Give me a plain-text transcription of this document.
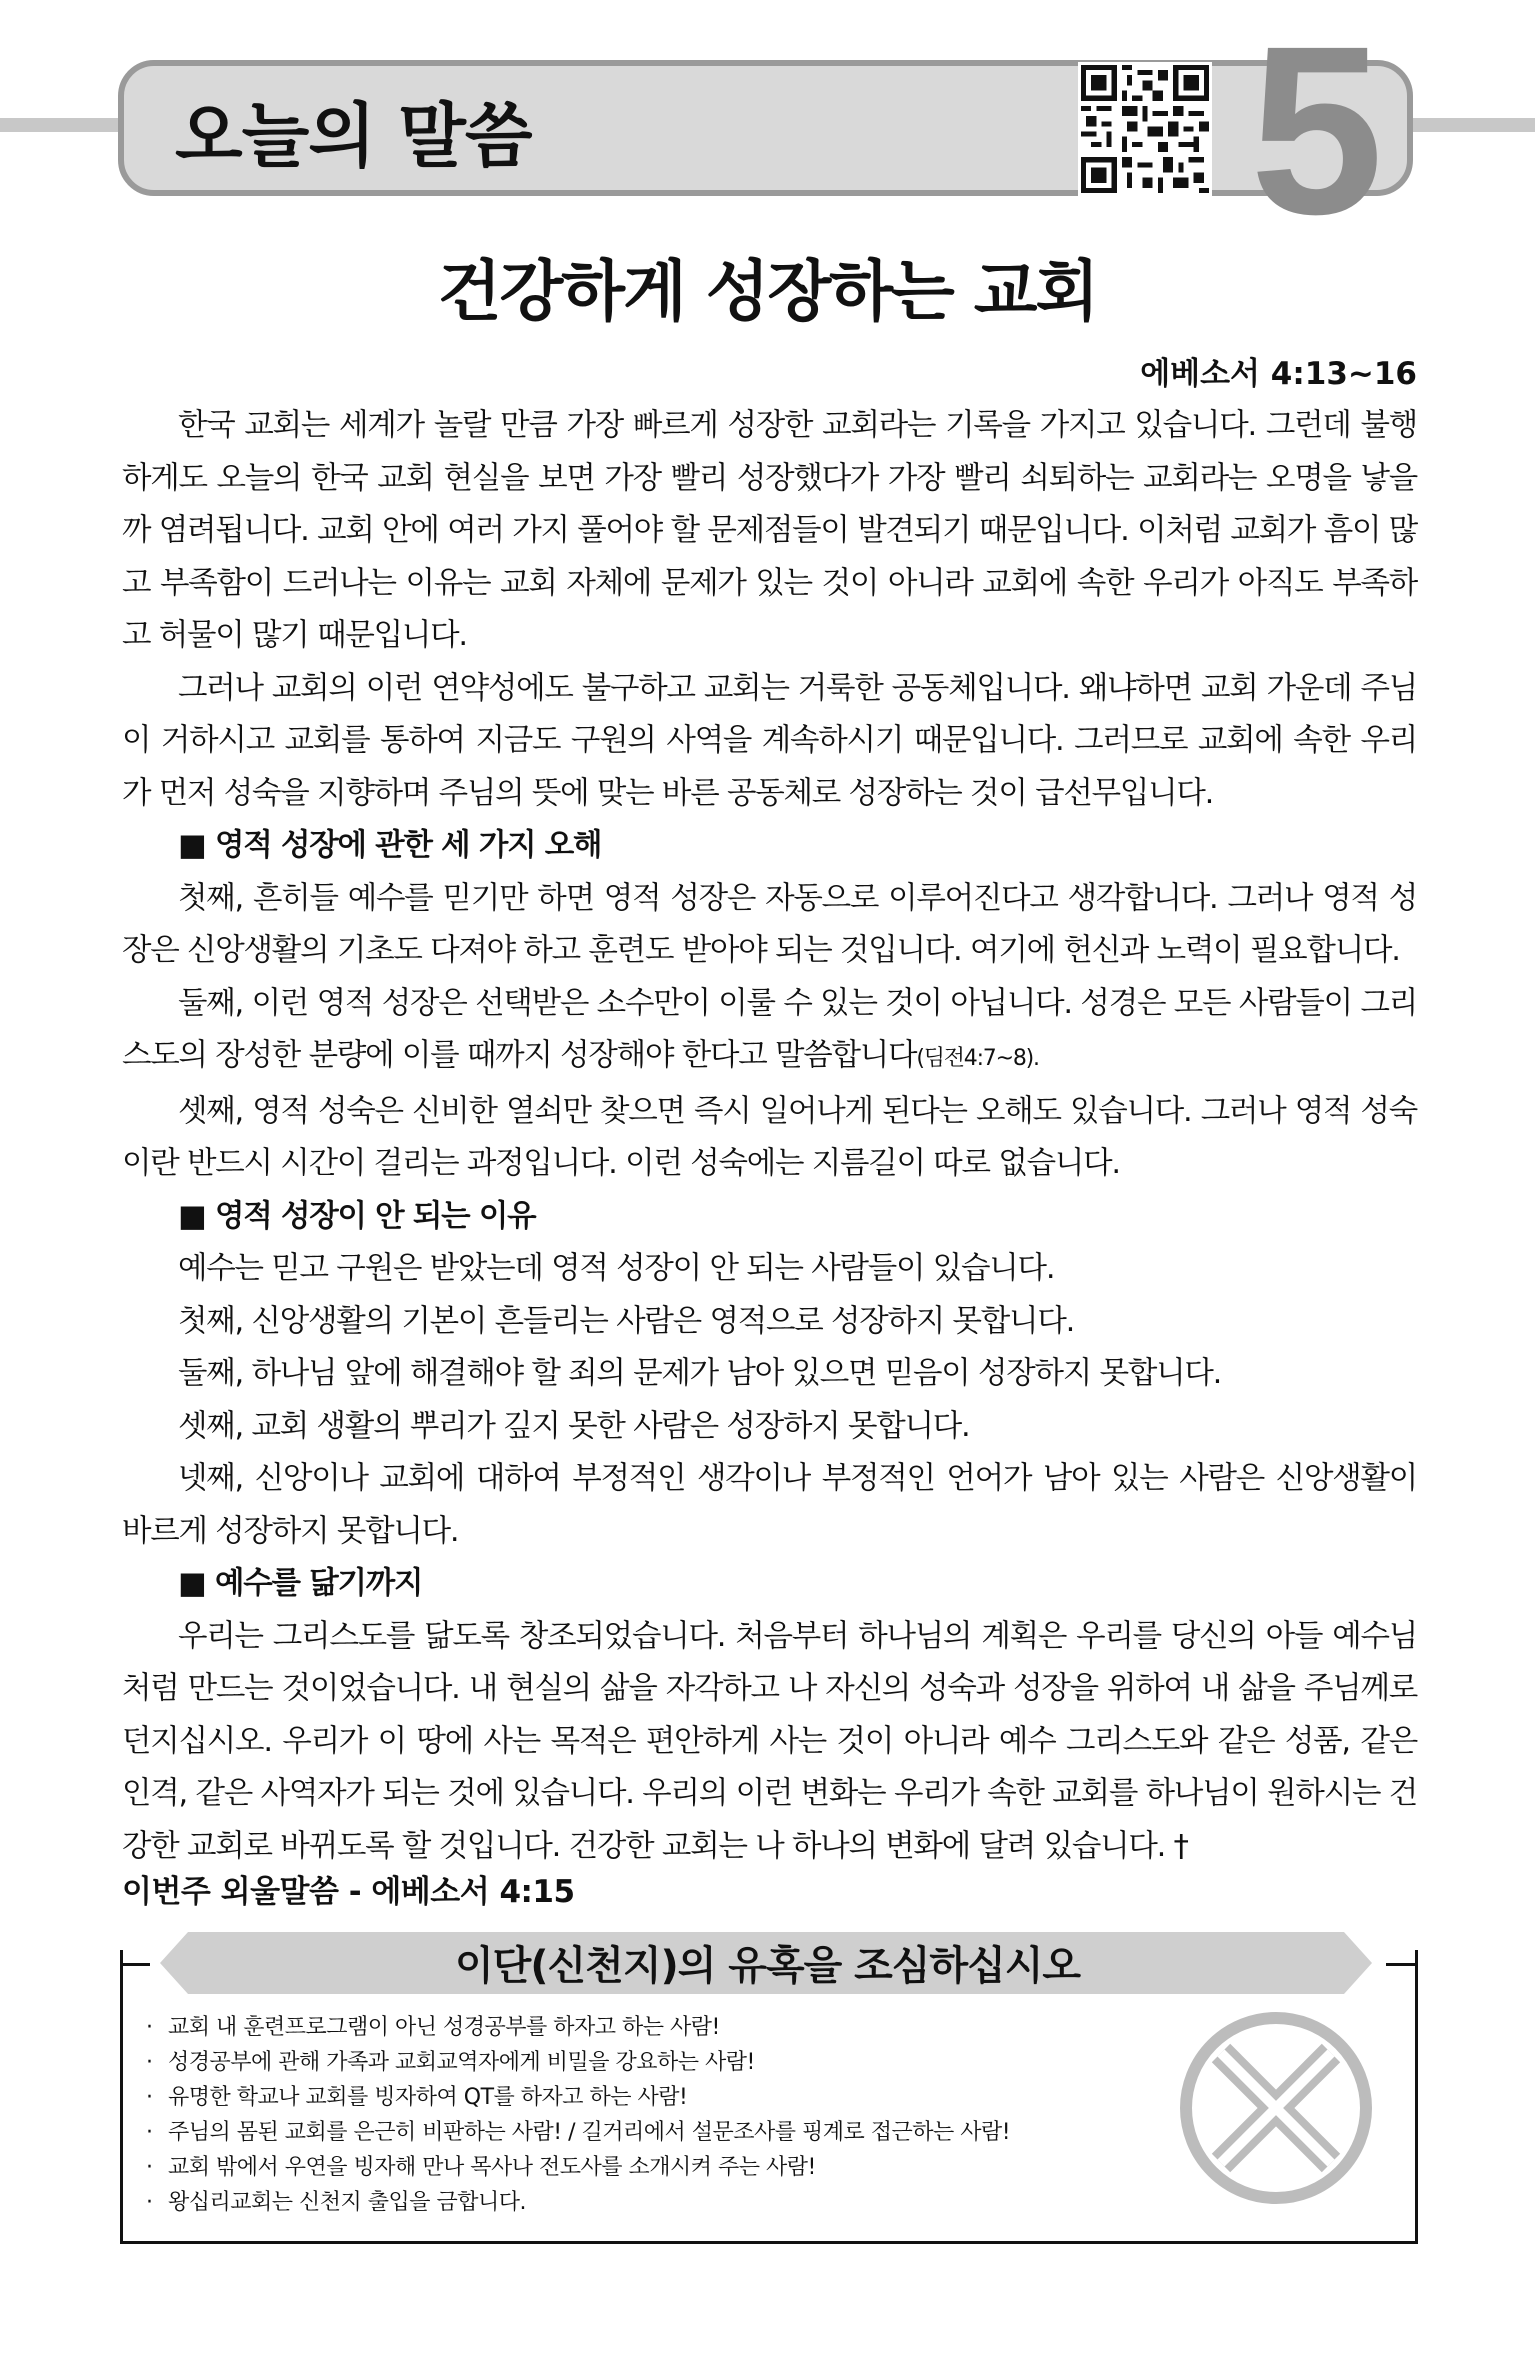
오늘의 말씀	5
건강하게 성장하는 교회
에베소서 4:13~16

한국 교회는 세계가 놀랄 만큼 가장 빠르게 성장한 교회라는 기록을 가지고 있습니다. 그런데 불행하게도 오늘의 한국 교회 현실을 보면 가장 빨리 성장했다가 가장 빨리 쇠퇴하는 교회라는 오명을 낳을까 염려됩니다. 교회 안에 여러 가지 풀어야 할 문제점들이 발견되기 때문입니다. 이처럼 교회가 흠이 많고 부족함이 드러나는 이유는 교회 자체에 문제가 있는 것이 아니라 교회에 속한 우리가 아직도 부족하고 허물이 많기 때문입니다.

그러나 교회의 이런 연약성에도 불구하고 교회는 거룩한 공동체입니다. 왜냐하면 교회 가운데 주님이 거하시고 교회를 통하여 지금도 구원의 사역을 계속하시기 때문입니다. 그러므로 교회에 속한 우리가 먼저 성숙을 지향하며 주님의 뜻에 맞는 바른 공동체로 성장하는 것이 급선무입니다.

■ 영적 성장에 관한 세 가지 오해

첫째, 흔히들 예수를 믿기만 하면 영적 성장은 자동으로 이루어진다고 생각합니다. 그러나 영적 성장은 신앙생활의 기초도 다져야 하고 훈련도 받아야 되는 것입니다. 여기에 헌신과 노력이 필요합니다.

둘째, 이런 영적 성장은 선택받은 소수만이 이룰 수 있는 것이 아닙니다. 성경은 모든 사람들이 그리스도의 장성한 분량에 이를 때까지 성장해야 한다고 말씀합니다(딤전4:7~8).

셋째, 영적 성숙은 신비한 열쇠만 찾으면 즉시 일어나게 된다는 오해도 있습니다. 그러나 영적 성숙이란 반드시 시간이 걸리는 과정입니다. 이런 성숙에는 지름길이 따로 없습니다.

■ 영적 성장이 안 되는 이유

예수는 믿고 구원은 받았는데 영적 성장이 안 되는 사람들이 있습니다.

첫째, 신앙생활의 기본이 흔들리는 사람은 영적으로 성장하지 못합니다.

둘째, 하나님 앞에 해결해야 할 죄의 문제가 남아 있으면 믿음이 성장하지 못합니다.

셋째, 교회 생활의 뿌리가 깊지 못한 사람은 성장하지 못합니다.

넷째, 신앙이나 교회에 대하여 부정적인 생각이나 부정적인 언어가 남아 있는 사람은 신앙생활이 바르게 성장하지 못합니다.

■ 예수를 닮기까지

우리는 그리스도를 닮도록 창조되었습니다. 처음부터 하나님의 계획은 우리를 당신의 아들 예수님처럼 만드는 것이었습니다. 내 현실의 삶을 자각하고 나 자신의 성숙과 성장을 위하여 내 삶을 주님께로 던지십시오. 우리가 이 땅에 사는 목적은 편안하게 사는 것이 아니라 예수 그리스도와 같은 성품, 같은 인격, 같은 사역자가 되는 것에 있습니다. 우리의 이런 변화는 우리가 속한 교회를 하나님이 원하시는 건강한 교회로 바뀌도록 할 것입니다. 건강한 교회는 나 하나의 변화에 달려 있습니다. †

이번주 외울말씀 - 에베소서 4:15
이단(신천지)의 유혹을 조심하십시오
· 교회 내 훈련프로그램이 아닌 성경공부를 하자고 하는 사람!
· 성경공부에 관해 가족과 교회교역자에게 비밀을 강요하는 사람!
· 유명한 학교나 교회를 빙자하여 QT를 하자고 하는 사람!
· 주님의 몸된 교회를 은근히 비판하는 사람! / 길거리에서 설문조사를 핑계로 접근하는 사람!
· 교회 밖에서 우연을 빙자해 만나 목사나 전도사를 소개시켜 주는 사람!
· 왕십리교회는 신천지 출입을 금합니다.
